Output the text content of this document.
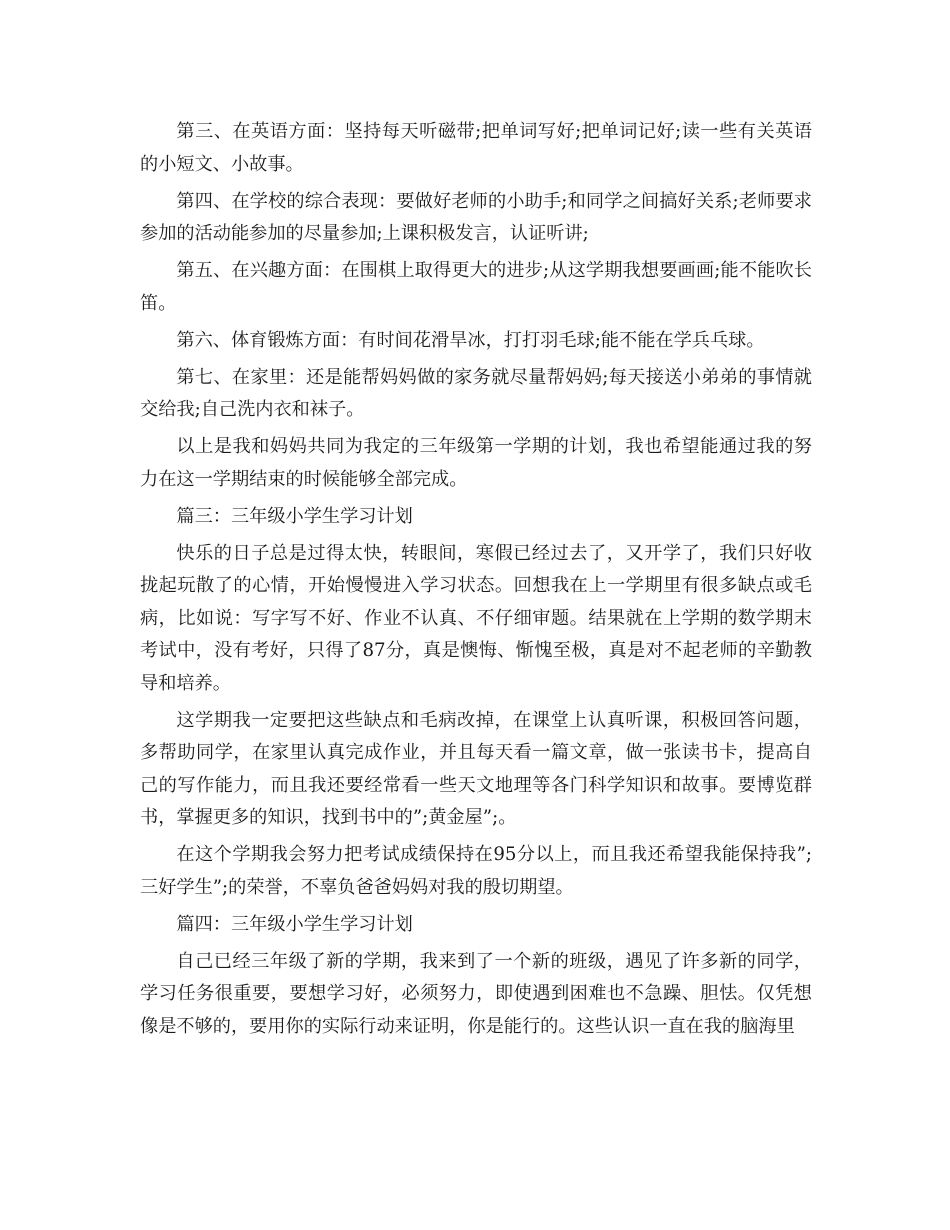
第三、在英语方面：坚持每天听磁带;把单词写好;把单词记好;读一些有关英语的小短文、小故事。

第四、在学校的综合表现：要做好老师的小助手;和同学之间搞好关系;老师要求参加的活动能参加的尽量参加;上课积极发言，认证听讲;

第五、在兴趣方面：在围棋上取得更大的进步;从这学期我想要画画;能不能吹长笛。

第六、体育锻炼方面：有时间花滑旱冰，打打羽毛球;能不能在学兵乓球。

第七、在家里：还是能帮妈妈做的家务就尽量帮妈妈;每天接送小弟弟的事情就交给我;自己洗内衣和袜子。

以上是我和妈妈共同为我定的三年级第一学期的计划，我也希望能通过我的努力在这一学期结束的时候能够全部完成。

篇三：三年级小学生学习计划

快乐的日子总是过得太快，转眼间，寒假已经过去了，又开学了，我们只好收拢起玩散了的心情，开始慢慢进入学习状态。回想我在上一学期里有很多缺点或毛病，比如说：写字写不好、作业不认真、不仔细审题。结果就在上学期的数学期末考试中，没有考好，只得了87分，真是懊悔、惭愧至极，真是对不起老师的辛勤教导和培养。

这学期我一定要把这些缺点和毛病改掉，在课堂上认真听课，积极回答问题，多帮助同学，在家里认真完成作业，并且每天看一篇文章，做一张读书卡，提高自己的写作能力，而且我还要经常看一些天文地理等各门科学知识和故事。要博览群书，掌握更多的知识，找到书中的”;黄金屋”;。

在这个学期我会努力把考试成绩保持在95分以上，而且我还希望我能保持我”;三好学生”;的荣誉，不辜负爸爸妈妈对我的殷切期望。

篇四：三年级小学生学习计划

自己已经三年级了新的学期，我来到了一个新的班级，遇见了许多新的同学，学习任务很重要，要想学习好，必须努力，即使遇到困难也不急躁、胆怯。仅凭想像是不够的，要用你的实际行动来证明，你是能行的。这些认识一直在我的脑海里
